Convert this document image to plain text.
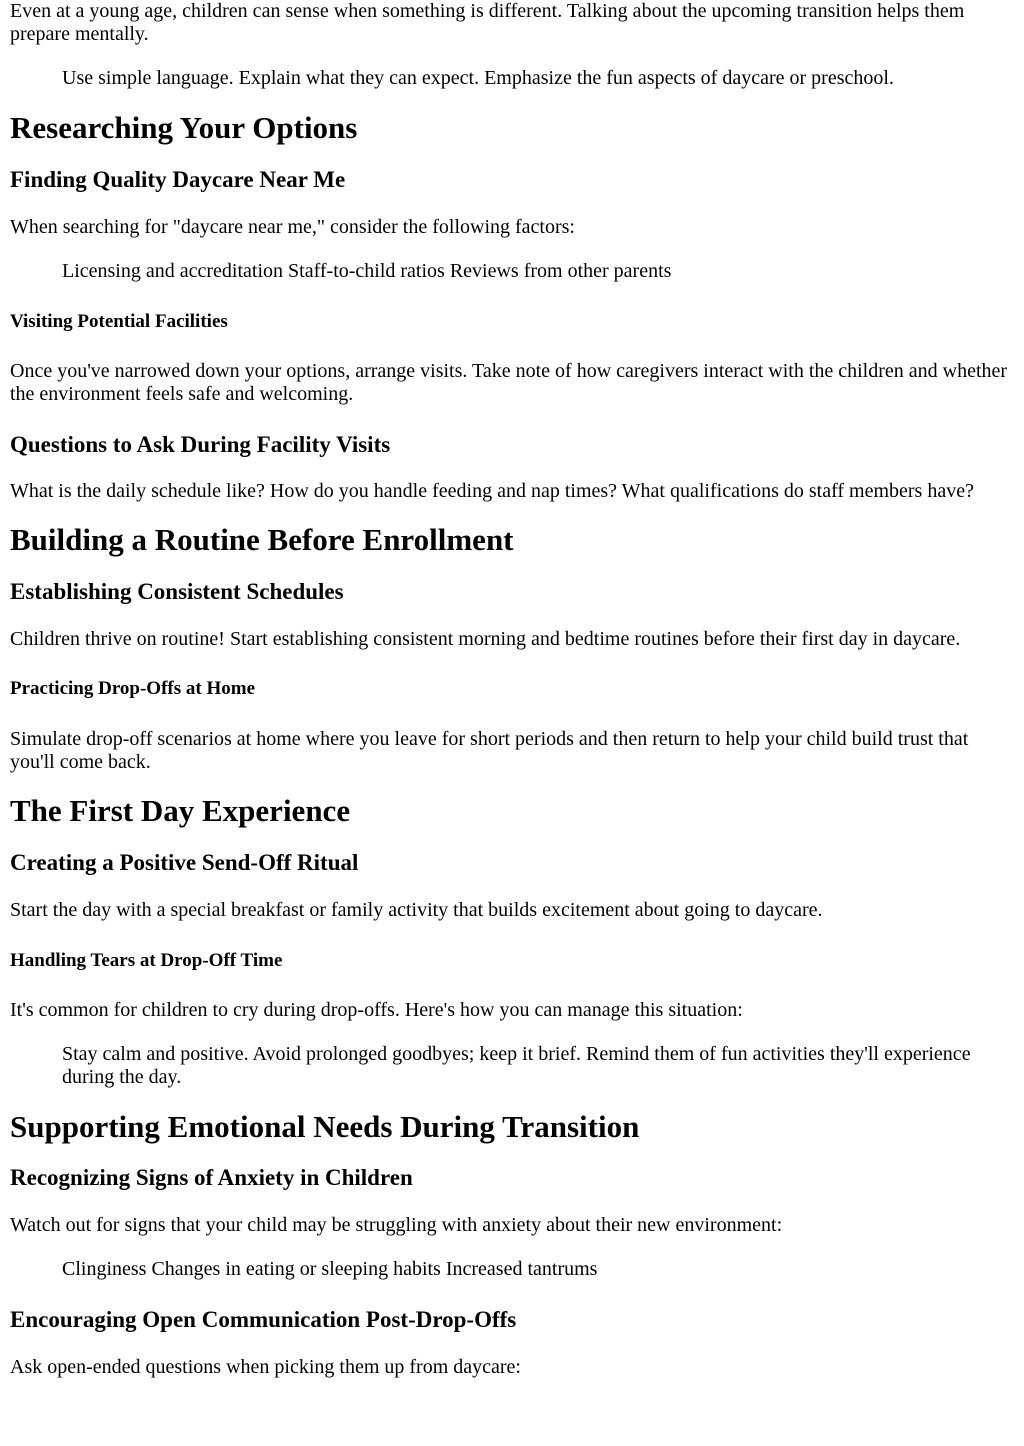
Even at a young age, children can sense when something is different. Talking about the upcoming transition helps them prepare mentally.

Use simple language. Explain what they can expect. Emphasize the fun aspects of daycare or preschool.
Researching Your Options
Finding Quality Daycare Near Me

When searching for "daycare near me," consider the following factors:

Licensing and accreditation Staff-to-child ratios Reviews from other parents
Visiting Potential Facilities

Once you've narrowed down your options, arrange visits. Take note of how caregivers interact with the children and whether the environment feels safe and welcoming.

Questions to Ask During Facility Visits

What is the daily schedule like? How do you handle feeding and nap times? What qualifications do staff members have?

Building a Routine Before Enrollment
Establishing Consistent Schedules

Children thrive on routine! Start establishing consistent morning and bedtime routines before their first day in daycare.

Practicing Drop-Offs at Home

Simulate drop-off scenarios at home where you leave for short periods and then return to help your child build trust that you'll come back.

The First Day Experience
Creating a Positive Send-Off Ritual

Start the day with a special breakfast or family activity that builds excitement about going to daycare.

Handling Tears at Drop-Off Time

It's common for children to cry during drop-offs. Here's how you can manage this situation:

Stay calm and positive. Avoid prolonged goodbyes; keep it brief. Remind them of fun activities they'll experience during the day.
Supporting Emotional Needs During Transition
Recognizing Signs of Anxiety in Children

Watch out for signs that your child may be struggling with anxiety about their new environment:

Clinginess Changes in eating or sleeping habits Increased tantrums
Encouraging Open Communication Post-Drop-Offs

Ask open-ended questions when picking them up from daycare:
